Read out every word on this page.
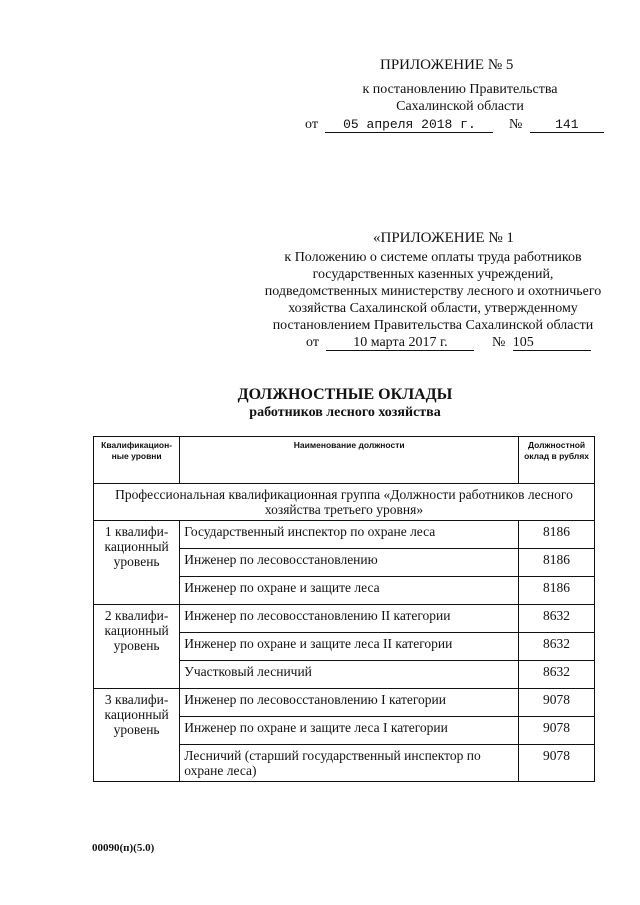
ПРИЛОЖЕНИЕ № 5
к постановлению Правительства
Сахалинской области
от 05 апреля 2018 г. №	141
«ПРИЛОЖЕНИЕ № 1
к Положению о системе оплаты труда работников
государственных казенных учреждений,
подведомственных министерству лесного и охотничьего
хозяйства Сахалинской области, утвержденному
постановлением Правительства Сахалинской области
от 10 марта 2017 г.	№ 105
ДОЛЖНОСТНЫЕ ОКЛАДЫ
работников лесного хозяйства
Квалификацион-ные уровни	Наименование должности	Должностной оклад в рублях
Профессиональная квалификационная группа «Должности работников лесного хозяйства третьего уровня»		
1 квалифи-кационный уровень	Государственный инспектор по охране леса	8186
	Инженер по лесовосстановлению	8186
	Инженер по охране и защите леса	8186
2 квалифи-кационный уровень	Инженер по лесовосстановлению II категории	8632
	Инженер по охране и защите леса II категории	8632
	Участковый лесничий	8632
3 квалифи-кационный уровень	Инженер по лесовосстановлению I категории	9078
	Инженер по охране и защите леса I категории	9078
	Лесничий (старший государственный инспектор по охране леса)	9078
00090(п)(5.0)
